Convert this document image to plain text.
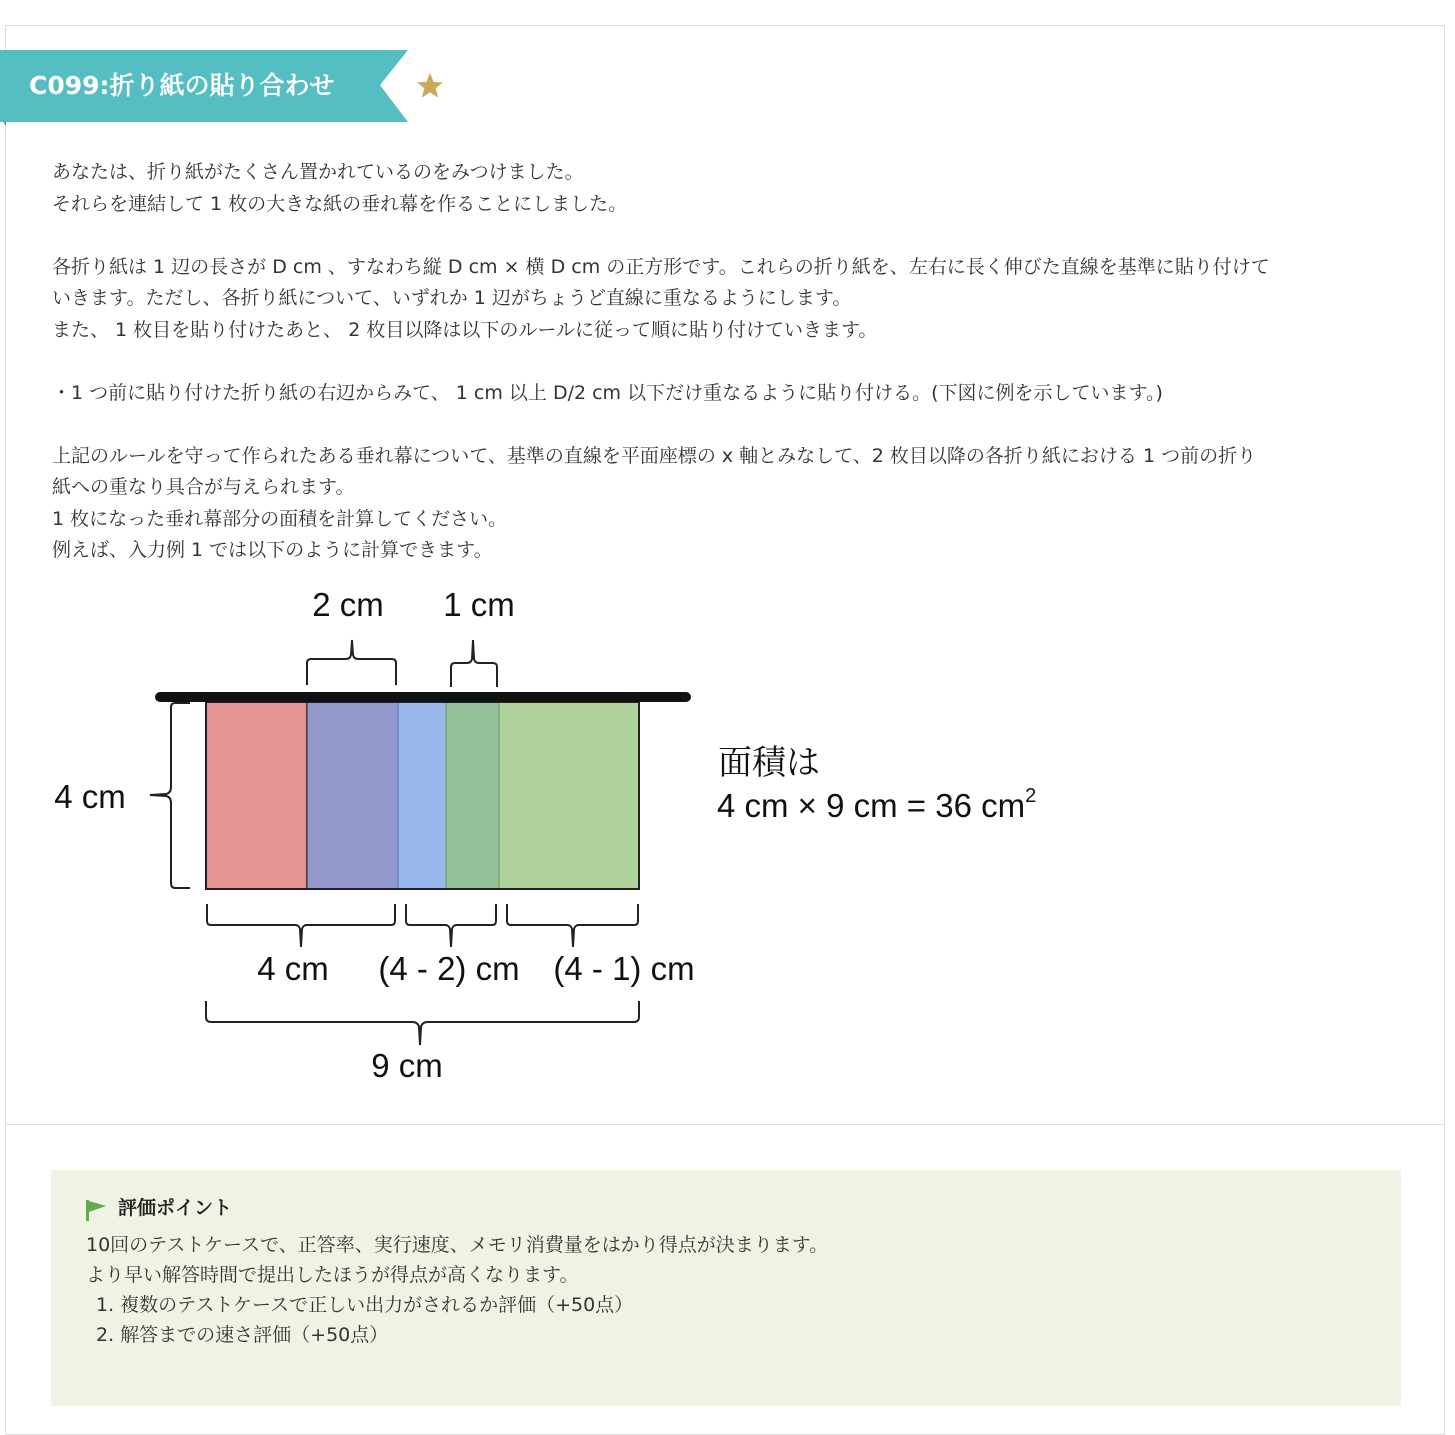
C099:折り紙の貼り合わせ

あなたは、折り紙がたくさん置かれているのをみつけました。

それらを連結して 1 枚の大きな紙の垂れ幕を作ることにしました。

各折り紙は 1 辺の長さが D cm 、すなわち縦 D cm × 横 D cm の正方形です。これらの折り紙を、左右に長く伸びた直線を基準に貼り付けて

いきます。ただし、各折り紙について、いずれか 1 辺がちょうど直線に重なるようにします。

また、 1 枚目を貼り付けたあと、 2 枚目以降は以下のルールに従って順に貼り付けていきます。

・1 つ前に貼り付けた折り紙の右辺からみて、 1 cm 以上 D/2 cm 以下だけ重なるように貼り付ける。(下図に例を示しています。)

上記のルールを守って作られたある垂れ幕について、基準の直線を平面座標の x 軸とみなして、2 枚目以降の各折り紙における 1 つ前の折り

紙への重なり具合が与えられます。

1 枚になった垂れ幕部分の面積を計算してください。

例えば、入力例 1 では以下のように計算できます。

2 cm 1 cm
4 cm
4 cm (4 - 2) cm (4 - 1) cm
9 cm
面積は
4 cm × 9 cm = 36 $cm^2$
評価ポイント

10回のテストケースで、正答率、実行速度、メモリ消費量をはかり得点が決まります。

より早い解答時間で提出したほうが得点が高くなります。

1. 複数のテストケースで正しい出力がされるか評価（+50点）

2. 解答までの速さ評価（+50点）
